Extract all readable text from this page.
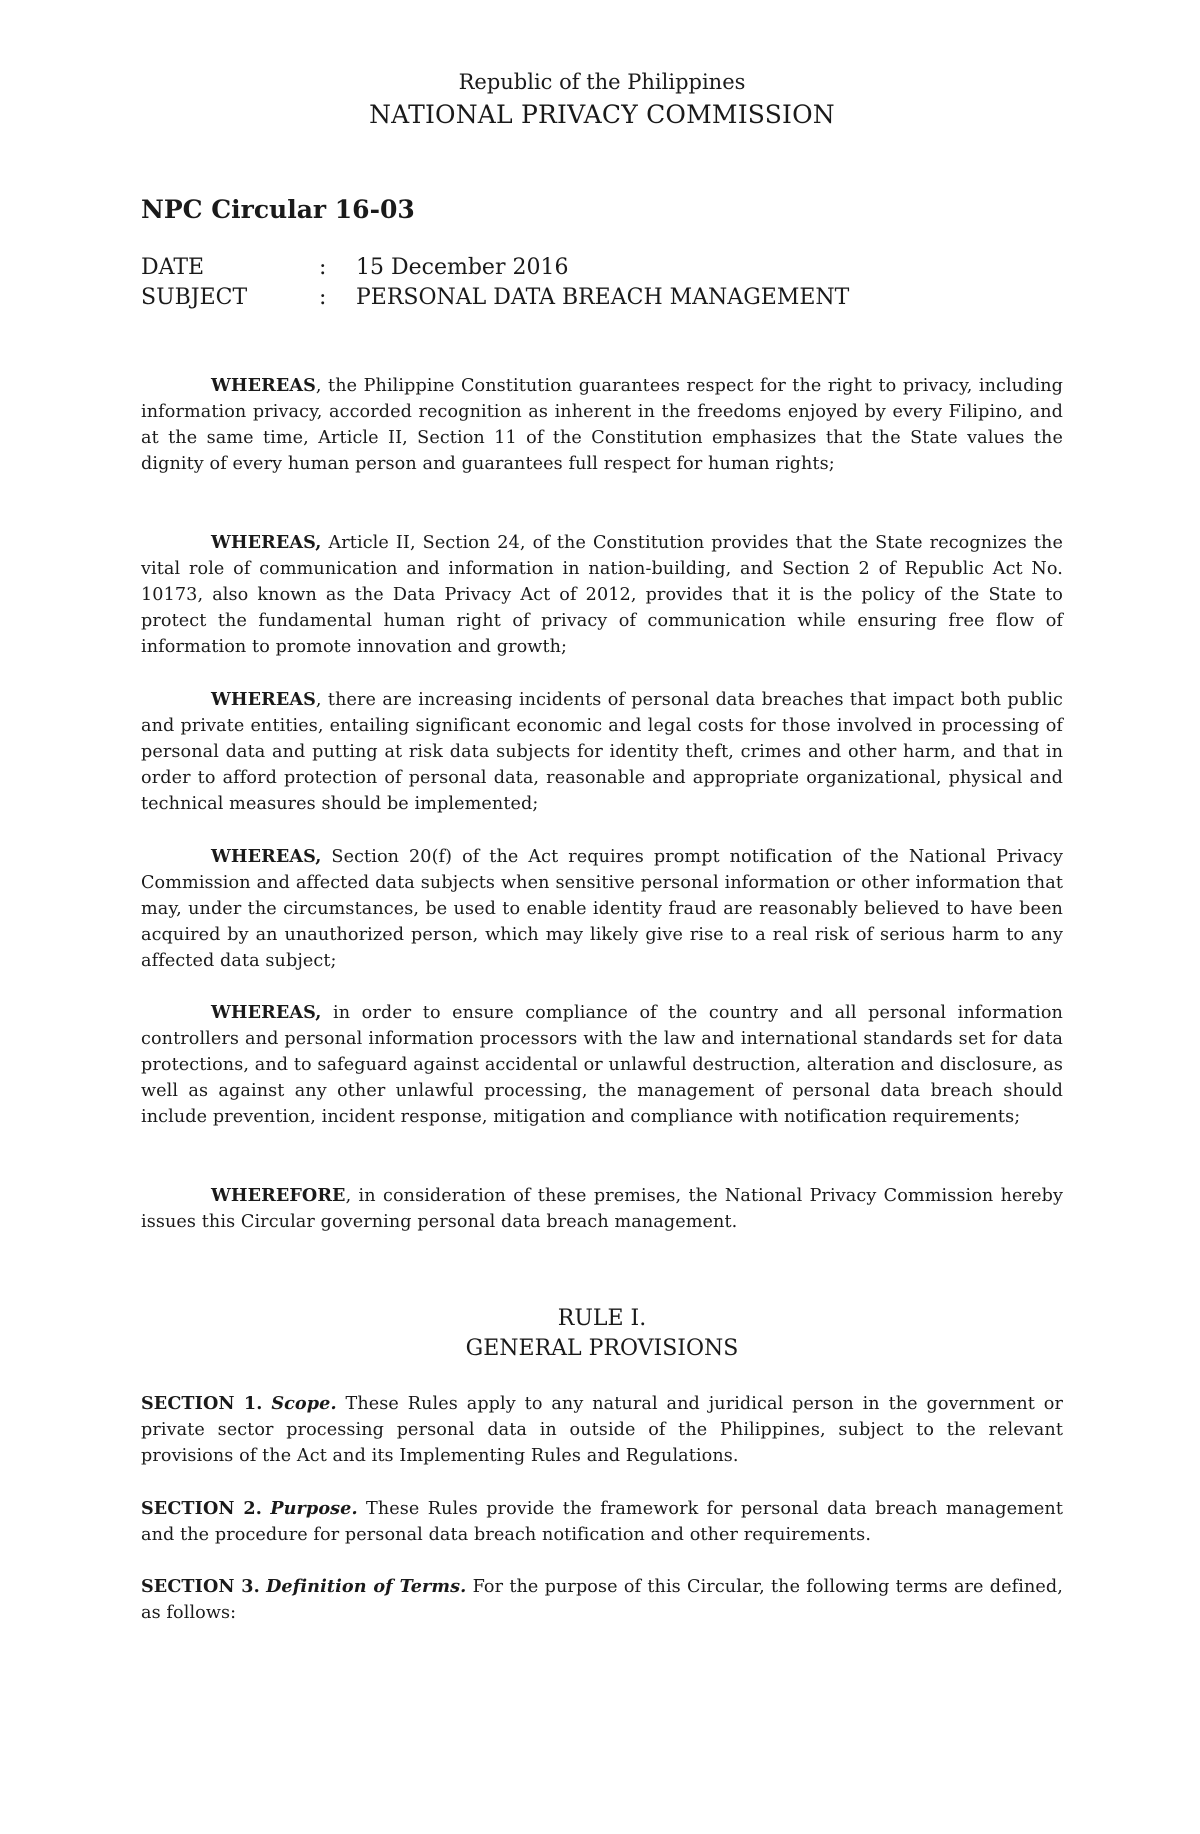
Republic of the Philippines
NATIONAL PRIVACY COMMISSION
NPC Circular 16-03
DATE	: 15 December 2016
SUBJECT	: PERSONAL DATA BREACH MANAGEMENT

WHEREAS, the Philippine Constitution guarantees respect for the right to privacy, including information privacy, accorded recognition as inherent in the freedoms enjoyed by every Filipino, and at the same time, Article II, Section 11 of the Constitution emphasizes that the State values the dignity of every human person and guarantees full respect for human rights;

WHEREAS, Article II, Section 24, of the Constitution provides that the State recognizes the vital role of communication and information in nation-building, and Section 2 of Republic Act No. 10173, also known as the Data Privacy Act of 2012, provides that it is the policy of the State to protect the fundamental human right of privacy of communication while ensuring free flow of information to promote innovation and growth;

WHEREAS, there are increasing incidents of personal data breaches that impact both public and private entities, entailing significant economic and legal costs for those involved in processing of personal data and putting at risk data subjects for identity theft, crimes and other harm, and that in order to afford protection of personal data, reasonable and appropriate organizational, physical and technical measures should be implemented;

WHEREAS, Section 20(f) of the Act requires prompt notification of the National Privacy Commission and affected data subjects when sensitive personal information or other information that may, under the circumstances, be used to enable identity fraud are reasonably believed to have been acquired by an unauthorized person, which may likely give rise to a real risk of serious harm to any affected data subject;

WHEREAS, in order to ensure compliance of the country and all personal information controllers and personal information processors with the law and international standards set for data protections, and to safeguard against accidental or unlawful destruction, alteration and disclosure, as well as against any other unlawful processing, the management of personal data breach should include prevention, incident response, mitigation and compliance with notification requirements;

WHEREFORE, in consideration of these premises, the National Privacy Commission hereby issues this Circular governing personal data breach management.

RULE I.
GENERAL PROVISIONS

SECTION 1. Scope. These Rules apply to any natural and juridical person in the government or private sector processing personal data in outside of the Philippines, subject to the relevant provisions of the Act and its Implementing Rules and Regulations.

SECTION 2. Purpose. These Rules provide the framework for personal data breach management and the procedure for personal data breach notification and other requirements.

SECTION 3. Definition of Terms. For the purpose of this Circular, the following terms are defined, as follows:
